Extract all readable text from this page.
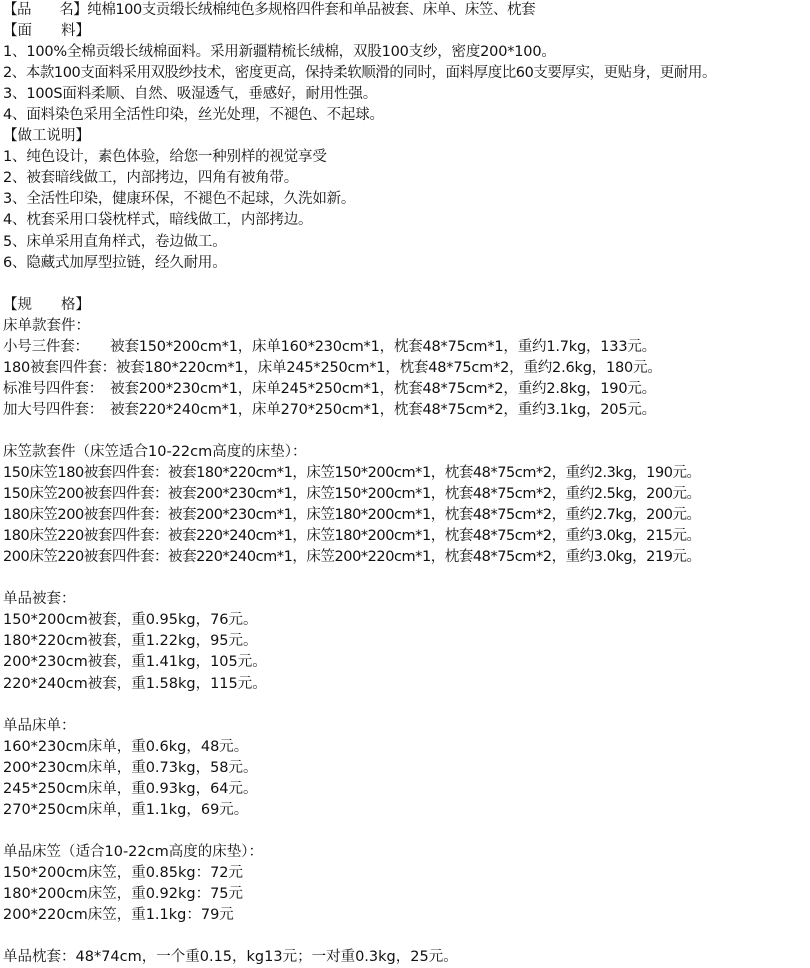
【品　　名】纯棉100支贡缎长绒棉纯色多规格四件套和单品被套、床单、床笠、枕套
【面　　料】
1、100%全棉贡缎长绒棉面料。采用新疆精梳长绒棉，双股100支纱，密度200*100。
2、本款100支面料采用双股纱技术，密度更高，保持柔软顺滑的同时，面料厚度比60支要厚实，更贴身，更耐用。
3、100S面料柔顺、自然、吸湿透气，垂感好，耐用性强。
4、面料染色采用全活性印染，丝光处理，不褪色、不起球。
【做工说明】
1、纯色设计，素色体验，给您一种别样的视觉享受
2、被套暗线做工，内部拷边，四角有被角带。
3、全活性印染，健康环保，不褪色不起球，久洗如新。
4、枕套采用口袋枕样式，暗线做工，内部拷边。
5、床单采用直角样式，卷边做工。
6、隐藏式加厚型拉链，经久耐用。
【规　　格】
床单款套件：
小号三件套：　　被套150*200cm*1，床单160*230cm*1，枕套48*75cm*1，重约1.7kg，133元。
180被套四件套：被套180*220cm*1，床单245*250cm*1，枕套48*75cm*2，重约2.6kg，180元。
标准号四件套：　被套200*230cm*1，床单245*250cm*1，枕套48*75cm*2，重约2.8kg，190元。
加大号四件套：　被套220*240cm*1，床单270*250cm*1，枕套48*75cm*2，重约3.1kg，205元。
床笠款套件（床笠适合10-22cm高度的床垫）：
150床笠180被套四件套：被套180*220cm*1，床笠150*200cm*1，枕套48*75cm*2，重约2.3kg，190元。
150床笠200被套四件套：被套200*230cm*1，床笠150*200cm*1，枕套48*75cm*2，重约2.5kg，200元。
180床笠200被套四件套：被套200*230cm*1，床笠180*200cm*1，枕套48*75cm*2，重约2.7kg，200元。
180床笠220被套四件套：被套220*240cm*1，床笠180*200cm*1，枕套48*75cm*2，重约3.0kg，215元。
200床笠220被套四件套：被套220*240cm*1，床笠200*220cm*1，枕套48*75cm*2，重约3.0kg，219元。
单品被套：
150*200cm被套，重0.95kg，76元。
180*220cm被套，重1.22kg，95元。
200*230cm被套，重1.41kg，105元。
220*240cm被套，重1.58kg，115元。
单品床单：
160*230cm床单，重0.6kg，48元。
200*230cm床单，重0.73kg，58元。
245*250cm床单，重0.93kg，64元。
270*250cm床单，重1.1kg，69元。
单品床笠（适合10-22cm高度的床垫）：
150*200cm床笠，重0.85kg：72元
180*200cm床笠，重0.92kg：75元
200*220cm床笠，重1.1kg：79元
单品枕套：48*74cm，一个重0.15，kg13元；一对重0.3kg，25元。
